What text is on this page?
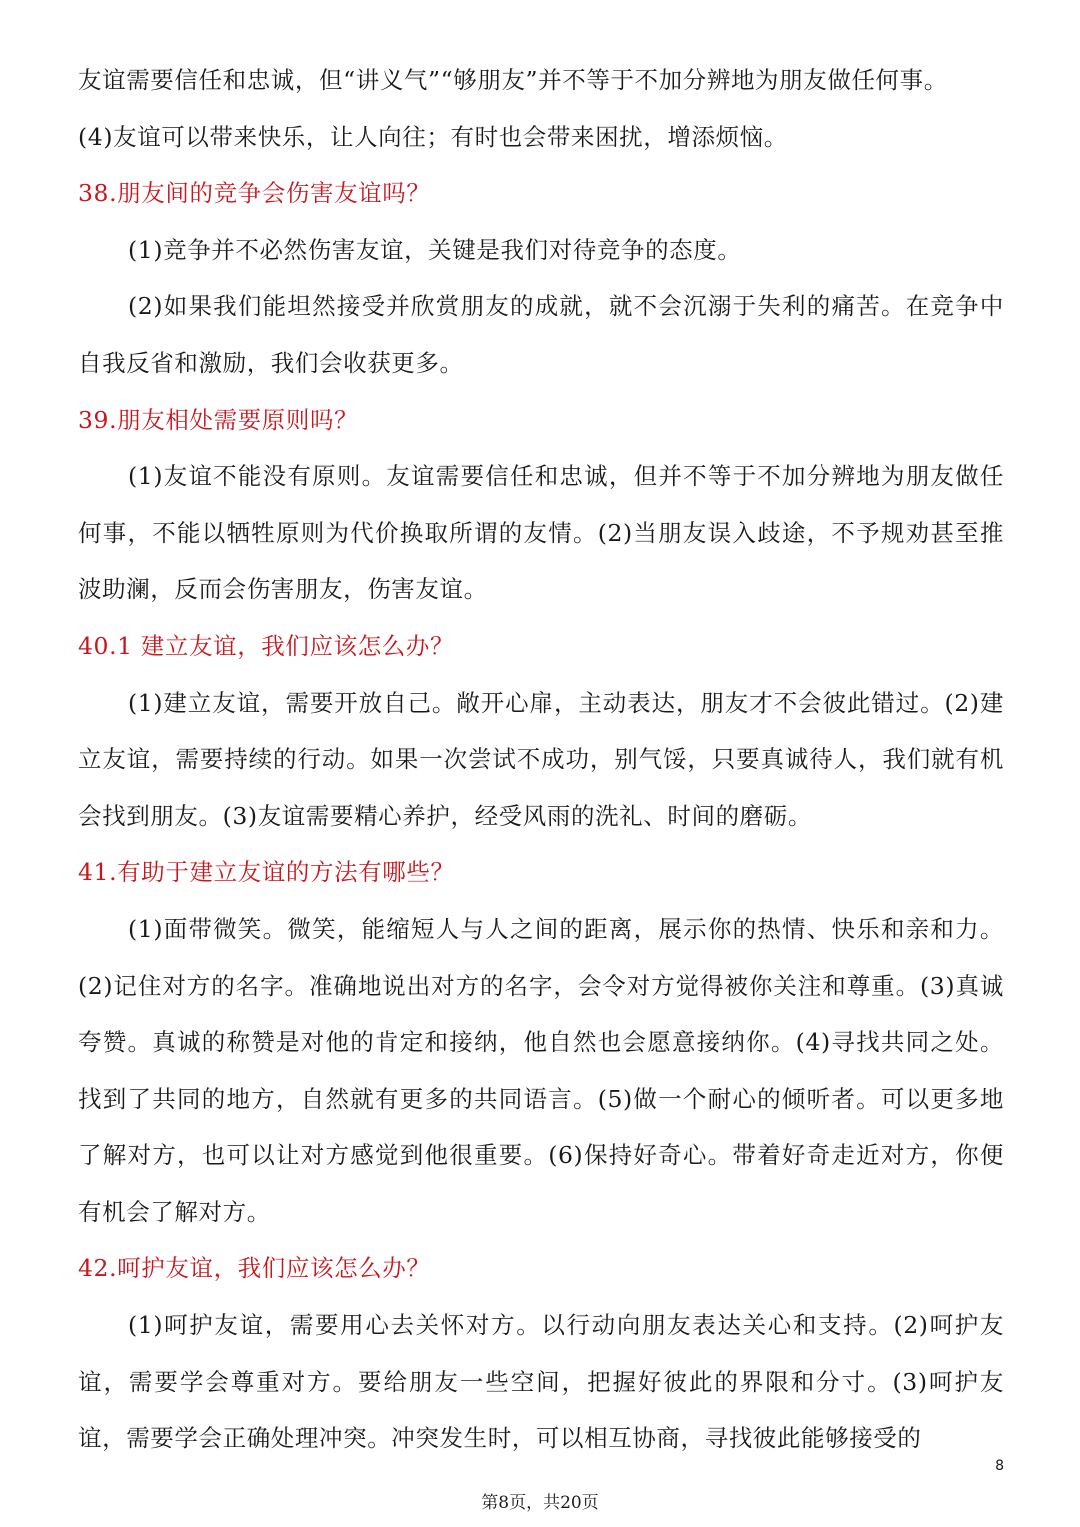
友谊需要信任和忠诚，但“讲义气”“够朋友”并不等于不加分辨地为朋友做任何事。

(4)友谊可以带来快乐，让人向往；有时也会带来困扰，增添烦恼。

38.朋友间的竞争会伤害友谊吗？

(1)竞争并不必然伤害友谊，关键是我们对待竞争的态度。

(2)如果我们能坦然接受并欣赏朋友的成就，就不会沉溺于失利的痛苦。在竞争中自我反省和激励，我们会收获更多。

39.朋友相处需要原则吗？

(1)友谊不能没有原则。友谊需要信任和忠诚，但并不等于不加分辨地为朋友做任何事，不能以牺牲原则为代价换取所谓的友情。(2)当朋友误入歧途，不予规劝甚至推波助澜，反而会伤害朋友，伤害友谊。

40.1 建立友谊，我们应该怎么办？

(1)建立友谊，需要开放自己。敞开心扉，主动表达，朋友才不会彼此错过。(2)建立友谊，需要持续的行动。如果一次尝试不成功，别气馁，只要真诚待人，我们就有机会找到朋友。(3)友谊需要精心养护，经受风雨的洗礼、时间的磨砺。

41.有助于建立友谊的方法有哪些？

(1)面带微笑。微笑，能缩短人与人之间的距离，展示你的热情、快乐和亲和力。(2)记住对方的名字。准确地说出对方的名字，会令对方觉得被你关注和尊重。(3)真诚夸赞。真诚的称赞是对他的肯定和接纳，他自然也会愿意接纳你。(4)寻找共同之处。找到了共同的地方，自然就有更多的共同语言。(5)做一个耐心的倾听者。可以更多地了解对方，也可以让对方感觉到他很重要。(6)保持好奇心。带着好奇走近对方，你便有机会了解对方。

42.呵护友谊，我们应该怎么办？

(1)呵护友谊，需要用心去关怀对方。以行动向朋友表达关心和支持。(2)呵护友谊，需要学会尊重对方。要给朋友一些空间，把握好彼此的界限和分寸。(3)呵护友谊，需要学会正确处理冲突。冲突发生时，可以相互协商，寻找彼此能够接受的

8
第8页，共20页
